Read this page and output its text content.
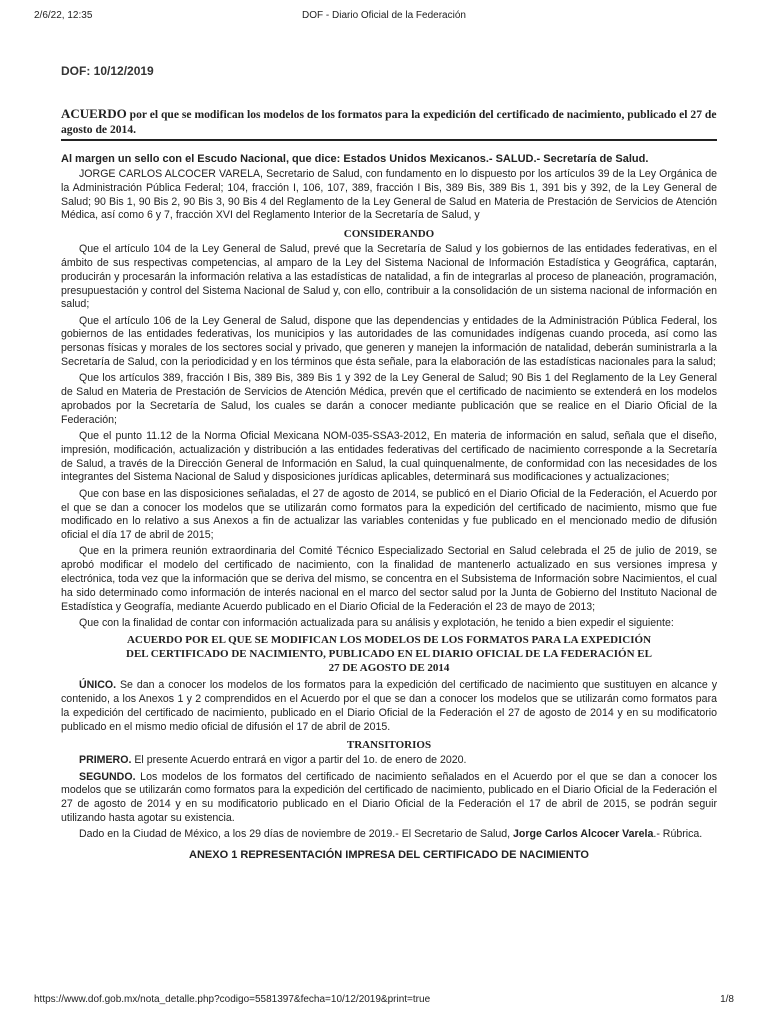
2/6/22, 12:35	DOF - Diario Oficial de la Federación
DOF: 10/12/2019
ACUERDO por el que se modifican los modelos de los formatos para la expedición del certificado de nacimiento, publicado el 27 de agosto de 2014.
Al margen un sello con el Escudo Nacional, que dice: Estados Unidos Mexicanos.- SALUD.- Secretaría de Salud.

JORGE CARLOS ALCOCER VARELA, Secretario de Salud, con fundamento en lo dispuesto por los artículos 39 de la Ley Orgánica de la Administración Pública Federal; 104, fracción I, 106, 107, 389, fracción I Bis, 389 Bis, 389 Bis 1, 391 bis y 392, de la Ley General de Salud; 90 Bis 1, 90 Bis 2, 90 Bis 3, 90 Bis 4 del Reglamento de la Ley General de Salud en Materia de Prestación de Servicios de Atención Médica, así como 6 y 7, fracción XVI del Reglamento Interior de la Secretaría de Salud, y

CONSIDERANDO

Que el artículo 104 de la Ley General de Salud, prevé que la Secretaría de Salud y los gobiernos de las entidades federativas, en el ámbito de sus respectivas competencias, al amparo de la Ley del Sistema Nacional de Información Estadística y Geográfica, captarán, producirán y procesarán la información relativa a las estadísticas de natalidad, a fin de integrarlas al proceso de planeación, programación, presupuestación y control del Sistema Nacional de Salud y, con ello, contribuir a la consolidación de un sistema nacional de información en salud;

Que el artículo 106 de la Ley General de Salud, dispone que las dependencias y entidades de la Administración Pública Federal, los gobiernos de las entidades federativas, los municipios y las autoridades de las comunidades indígenas cuando proceda, así como las personas físicas y morales de los sectores social y privado, que generen y manejen la información de natalidad, deberán suministrarla a la Secretaría de Salud, con la periodicidad y en los términos que ésta señale, para la elaboración de las estadísticas nacionales para la salud;

Que los artículos 389, fracción I Bis, 389 Bis, 389 Bis 1 y 392 de la Ley General de Salud; 90 Bis 1 del Reglamento de la Ley General de Salud en Materia de Prestación de Servicios de Atención Médica, prevén que el certificado de nacimiento se extenderá en los modelos aprobados por la Secretaría de Salud, los cuales se darán a conocer mediante publicación que se realice en el Diario Oficial de la Federación;

Que el punto 11.12 de la Norma Oficial Mexicana NOM-035-SSA3-2012, En materia de información en salud, señala que el diseño, impresión, modificación, actualización y distribución a las entidades federativas del certificado de nacimiento corresponde a la Secretaría de Salud, a través de la Dirección General de Información en Salud, la cual quinquenalmente, de conformidad con las necesidades de los integrantes del Sistema Nacional de Salud y disposiciones jurídicas aplicables, determinará sus modificaciones y actualizaciones;

Que con base en las disposiciones señaladas, el 27 de agosto de 2014, se publicó en el Diario Oficial de la Federación, el Acuerdo por el que se dan a conocer los modelos que se utilizarán como formatos para la expedición del certificado de nacimiento, mismo que fue modificado en lo relativo a sus Anexos a fin de actualizar las variables contenidas y fue publicado en el mencionado medio de difusión oficial el día 17 de abril de 2015;

Que en la primera reunión extraordinaria del Comité Técnico Especializado Sectorial en Salud celebrada el 25 de julio de 2019, se aprobó modificar el modelo del certificado de nacimiento, con la finalidad de mantenerlo actualizado en sus versiones impresa y electrónica, toda vez que la información que se deriva del mismo, se concentra en el Subsistema de Información sobre Nacimientos, el cual ha sido determinado como información de interés nacional en el marco del sector salud por la Junta de Gobierno del Instituto Nacional de Estadística y Geografía, mediante Acuerdo publicado en el Diario Oficial de la Federación el 23 de mayo de 2013;

Que con la finalidad de contar con información actualizada para su análisis y explotación, he tenido a bien expedir el siguiente:

ACUERDO POR EL QUE SE MODIFICAN LOS MODELOS DE LOS FORMATOS PARA LA EXPEDICIÓN
DEL CERTIFICADO DE NACIMIENTO, PUBLICADO EN EL DIARIO OFICIAL DE LA FEDERACIÓN EL
27 DE AGOSTO DE 2014

ÚNICO. Se dan a conocer los modelos de los formatos para la expedición del certificado de nacimiento que sustituyen en alcance y contenido, a los Anexos 1 y 2 comprendidos en el Acuerdo por el que se dan a conocer los modelos que se utilizarán como formatos para la expedición del certificado de nacimiento, publicado en el Diario Oficial de la Federación el 27 de agosto de 2014 y en su modificatorio publicado en el mismo medio oficial de difusión el 17 de abril de 2015.

TRANSITORIOS

PRIMERO. El presente Acuerdo entrará en vigor a partir del 1o. de enero de 2020.

SEGUNDO. Los modelos de los formatos del certificado de nacimiento señalados en el Acuerdo por el que se dan a conocer los modelos que se utilizarán como formatos para la expedición del certificado de nacimiento, publicado en el Diario Oficial de la Federación el 27 de agosto de 2014 y en su modificatorio publicado en el Diario Oficial de la Federación el 17 de abril de 2015, se podrán seguir utilizando hasta agotar su existencia.

Dado en la Ciudad de México, a los 29 días de noviembre de 2019.- El Secretario de Salud, Jorge Carlos Alcocer Varela.- Rúbrica.

ANEXO 1 REPRESENTACIÓN IMPRESA DEL CERTIFICADO DE NACIMIENTO
https://www.dof.gob.mx/nota_detalle.php?codigo=5581397&fecha=10/12/2019&print=true	1/8
